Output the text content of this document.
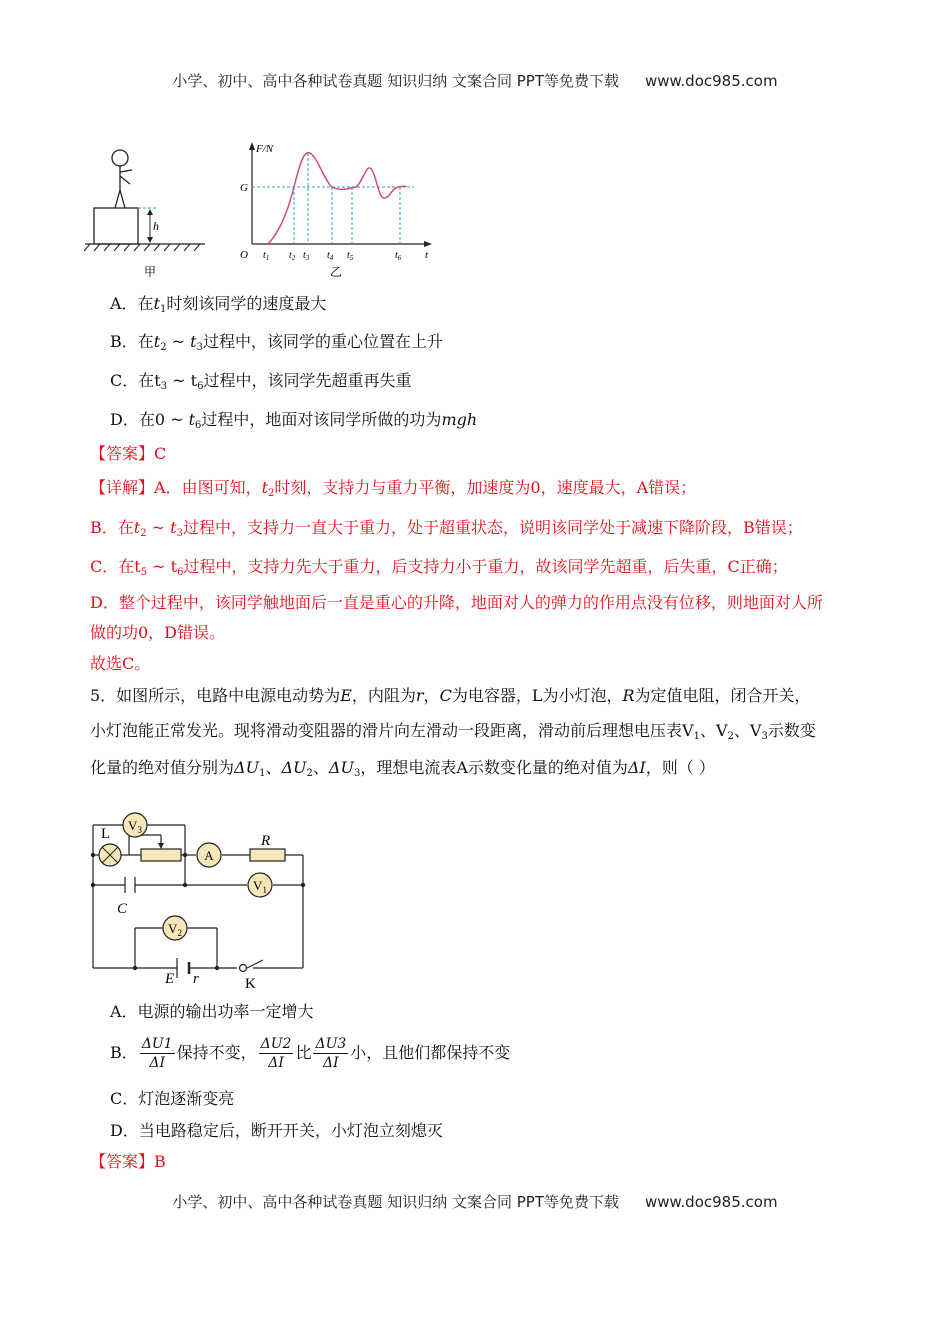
小学、初中、高中各种试卷真题 知识归纳 文案合同 PPT等免费下载 www.doc985.com
h
甲
F/N
t
O
G
$t_1$ $t_2$ $t_3$ $t_4$ $t_5$	$t_6$
乙
A．在$t_1$时刻该同学的速度最大
B．在$t_2$ ~ $t_3$过程中，该同学的重心位置在上升
C．在$t_3$ ~ $t_6$过程中，该同学先超重再失重
D．在0 ~ $t_6$过程中，地面对该同学所做的功为mgh
【答案】C
【详解】A．由图可知，$t_2$时刻，支持力与重力平衡，加速度为0，速度最大，A错误；
B．在$t_2$ ~ $t_3$过程中，支持力一直大于重力，处于超重状态，说明该同学处于减速下降阶段，B错误；
C．在$t_5$ ~ $t_6$过程中，支持力先大于重力，后支持力小于重力，故该同学先超重，后失重，C正确；
D．整个过程中，该同学触地面后一直是重心的升降，地面对人的弹力的作用点没有位移，则地面对人所
做的功0，D错误。
故选C。
5．如图所示，电路中电源电动势为E，内阻为r，C为电容器，L为小灯泡，R为定值电阻，闭合开关，
小灯泡能正常发光。现将滑动变阻器的滑片向左滑动一段距离，滑动前后理想电压表$V_1$、$V_2$、$V_3$示数变
化量的绝对值分别为$\Delta U_1$、$\Delta U_2$、$\Delta U_3$，理想电流表A示数变化量的绝对值为ΔI，则（ ）
$V_3$
A
$V_1$
$V_2$
L	R
C
E r	K
A．电源的输出功率一定增大
B． $\frac{\Delta U1}{\Delta I}$ 保持不变， $\frac{\Delta U2}{\Delta I}$ 比 $\frac{\Delta U3}{\Delta I}$ 小，且他们都保持不变
C．灯泡逐渐变亮
D．当电路稳定后，断开开关，小灯泡立刻熄灭
【答案】B
小学、初中、高中各种试卷真题 知识归纳 文案合同 PPT等免费下载 www.doc985.com
